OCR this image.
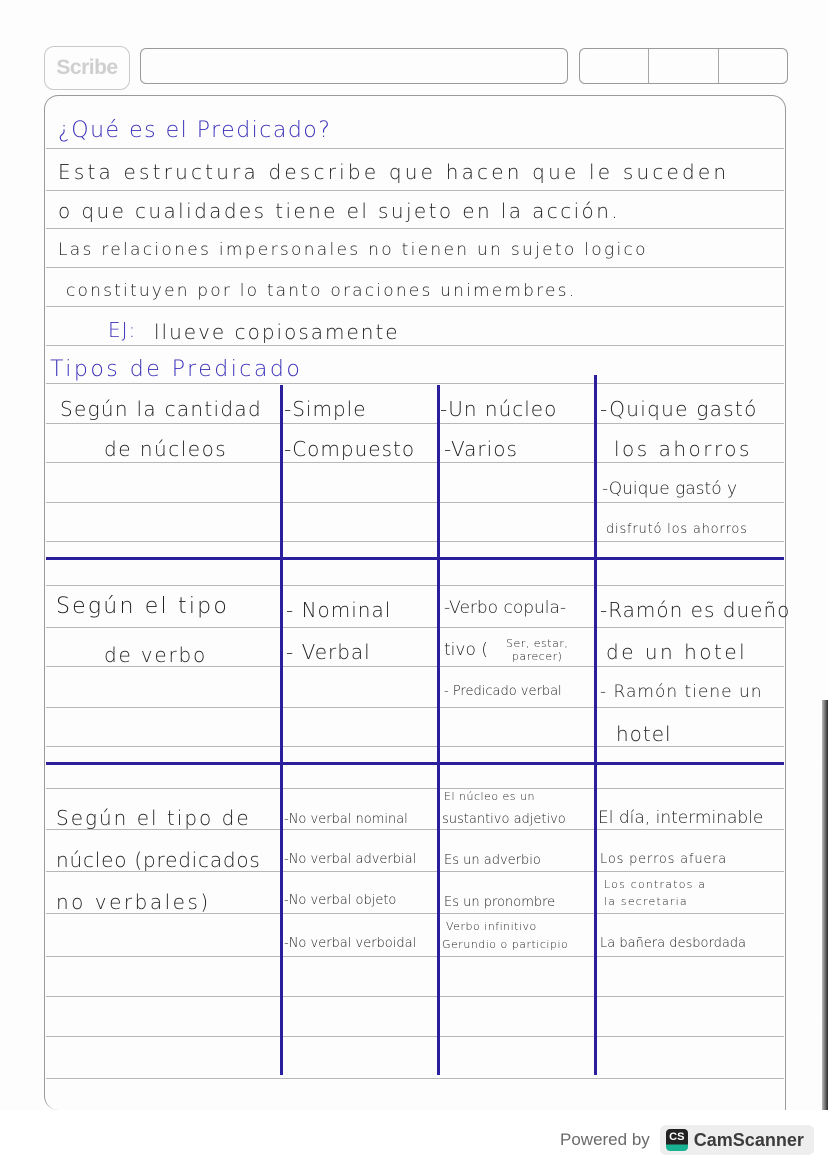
Scribe
¿Qué es el Predicado?
Esta estructura describe que hacen que le suceden
o que cualidades tiene el sujeto en la acción.
Las relaciones impersonales no tienen un sujeto logico
constituyen por lo tanto oraciones unimembres.
EJ: llueve copiosamente
Tipos de Predicado
Según la cantidad
de núcleos
-Simple
-Compuesto
-Un núcleo
-Varios
-Quique gastó
los ahorros
-Quique gastó y
disfrutó los ahorros
Según el tipo
de verbo
- Nominal
- Verbal
-Verbo copula-
tivo ( Ser, estar,
parecer)
- Predicado verbal
-Ramón es dueño
de un hotel
- Ramón tiene un
hotel
Según el tipo de
núcleo (predicados
no verbales)
-No verbal nominal
-No verbal adverbial
-No verbal objeto
-No verbal verboidal
El núcleo es un
sustantivo adjetivo
Es un adverbio
Es un pronombre
Verbo infinitivo
Gerundio o participio
El día, interminable
Los perros afuera
Los contratos a
la secretaria
La bañera desbordada
Powered by	CS CamScanner
